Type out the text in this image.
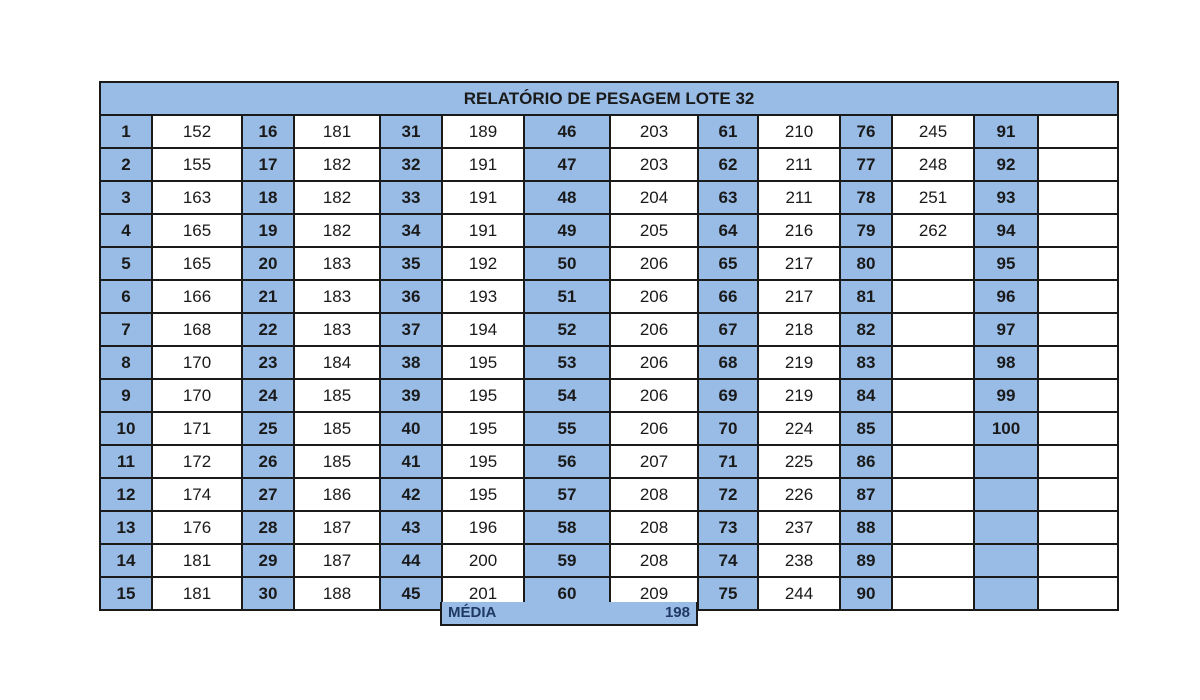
RELATÓRIO DE PESAGEM LOTE 32													
1	152	16	181	31	189	46	203	61	210	76	245	91	
2	155	17	182	32	191	47	203	62	211	77	248	92	
3	163	18	182	33	191	48	204	63	211	78	251	93	
4	165	19	182	34	191	49	205	64	216	79	262	94	
5	165	20	183	35	192	50	206	65	217	80		95	
6	166	21	183	36	193	51	206	66	217	81		96	
7	168	22	183	37	194	52	206	67	218	82		97	
8	170	23	184	38	195	53	206	68	219	83		98	
9	170	24	185	39	195	54	206	69	219	84		99	
10	171	25	185	40	195	55	206	70	224	85		100	
11	172	26	185	41	195	56	207	71	225	86			
12	174	27	186	42	195	57	208	72	226	87			
13	176	28	187	43	196	58	208	73	237	88			
14	181	29	187	44	200	59	208	74	238	89			
15	181	30	188	45	201	60	209	75	244	90			
MÉDIA	198
